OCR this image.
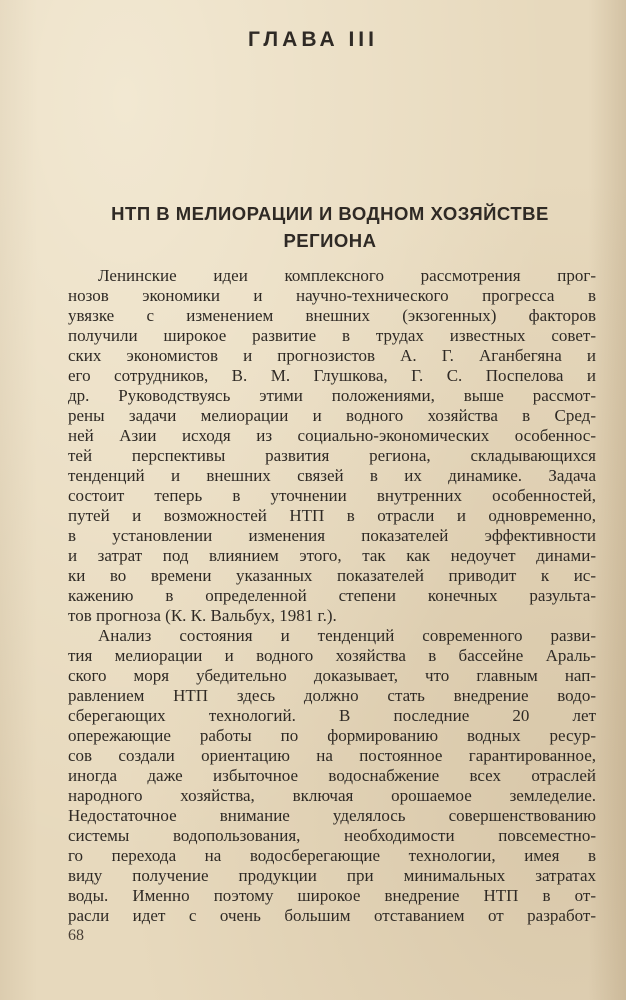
ГЛАВА III
НТП В МЕЛИОРАЦИИ И ВОДНОМ ХОЗЯЙСТВЕ
РЕГИОНА
Ленинские идеи комплексного рассмотрения прог-
нозов экономики и научно-технического прогресса в
увязке с изменением внешних (экзогенных) факторов
получили широкое развитие в трудах известных совет-
ских экономистов и прогнозистов А. Г. Аганбегяна и
его сотрудников, В. М. Глушкова, Г. С. Поспелова и
др. Руководствуясь этими положениями, выше рассмот-
рены задачи мелиорации и водного хозяйства в Сред-
ней Азии исходя из социально-экономических особеннос-
тей перспективы развития региона, складывающихся
тенденций и внешних связей в их динамике. Задача
состоит теперь в уточнении внутренних особенностей,
путей и возможностей НТП в отрасли и одновременно,
в установлении изменения показателей эффективности
и затрат под влиянием этого, так как недоучет динами-
ки во времени указанных показателей приводит к ис-
кажению в определенной степени конечных разульта-
тов прогноза (К. К. Вальбух, 1981 г.).
Анализ состояния и тенденций современного разви-
тия мелиорации и водного хозяйства в бассейне Араль-
ского моря убедительно доказывает, что главным нап-
равлением НТП здесь должно стать внедрение водо-
сберегающих технологий. В последние 20 лет
опережающие работы по формированию водных ресур-
сов создали ориентацию на постоянное гарантированное,
иногда даже избыточное водоснабжение всех отраслей
народного хозяйства, включая орошаемое земледелие.
Недостаточное внимание уделялось совершенствованию
системы водопользования, необходимости повсеместно-
го перехода на водосберегающие технологии, имея в
виду получение продукции при минимальных затратах
воды. Именно поэтому широкое внедрение НТП в от-
расли идет с очень большим отставанием от разработ-
68
